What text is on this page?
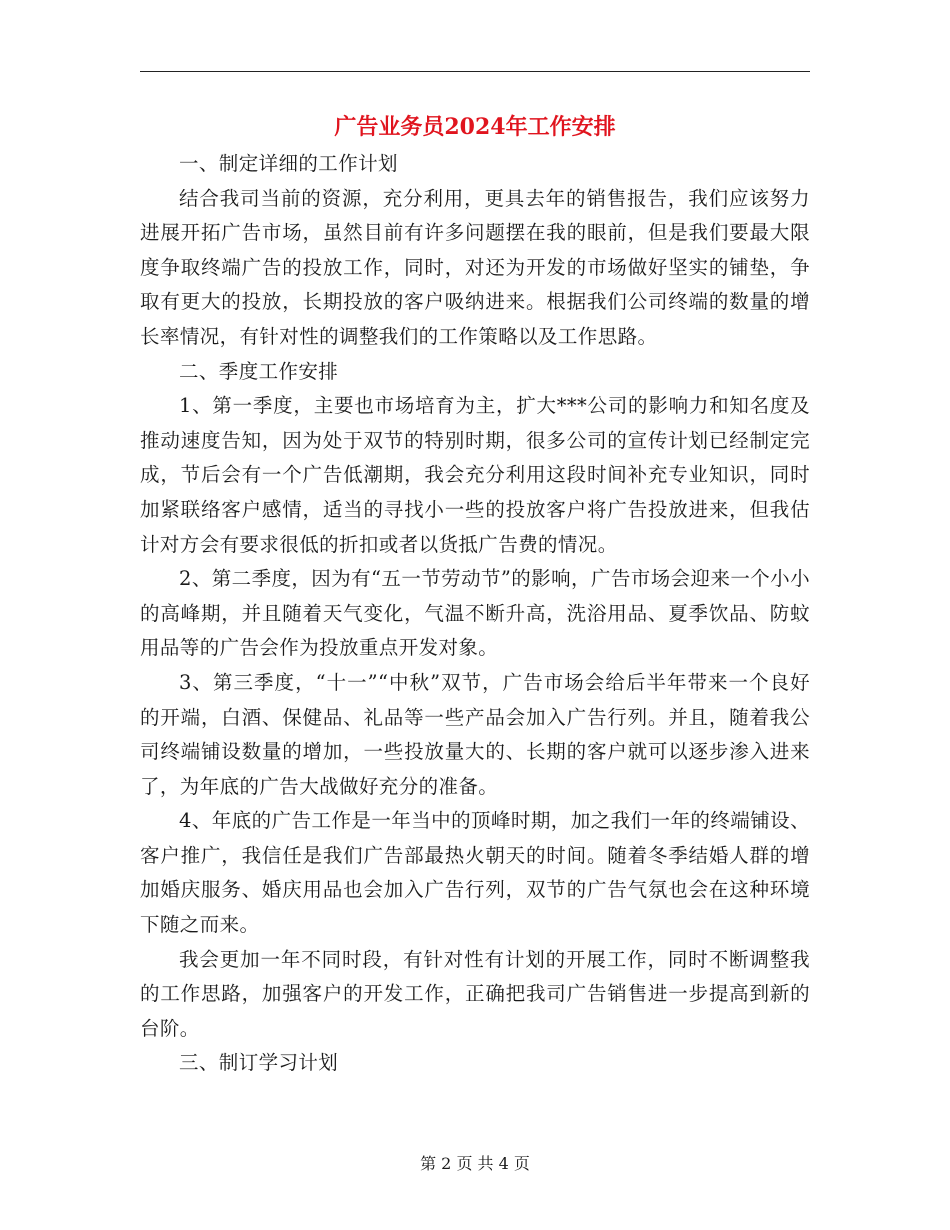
广告业务员2024年工作安排

一、制定详细的工作计划

结合我司当前的资源，充分利用，更具去年的销售报告，我们应该努力进展开拓广告市场，虽然目前有许多问题摆在我的眼前，但是我们要最大限度争取终端广告的投放工作，同时，对还为开发的市场做好坚实的铺垫，争取有更大的投放，长期投放的客户吸纳进来。根据我们公司终端的数量的增长率情况，有针对性的调整我们的工作策略以及工作思路。

二、季度工作安排

1、第一季度，主要也市场培育为主，扩大***公司的影响力和知名度及推动速度告知，因为处于双节的特别时期，很多公司的宣传计划已经制定完成，节后会有一个广告低潮期，我会充分利用这段时间补充专业知识，同时加紧联络客户感情，适当的寻找小一些的投放客户将广告投放进来，但我估计对方会有要求很低的折扣或者以货抵广告费的情况。

2、第二季度，因为有“五一节劳动节”的影响，广告市场会迎来一个小小的高峰期，并且随着天气变化，气温不断升高，洗浴用品、夏季饮品、防蚊用品等的广告会作为投放重点开发对象。

3、第三季度，“十一”“中秋”双节，广告市场会给后半年带来一个良好的开端，白酒、保健品、礼品等一些产品会加入广告行列。并且，随着我公司终端铺设数量的增加，一些投放量大的、长期的客户就可以逐步渗入进来了，为年底的广告大战做好充分的准备。

4、年底的广告工作是一年当中的顶峰时期，加之我们一年的终端铺设、客户推广，我信任是我们广告部最热火朝天的时间。随着冬季结婚人群的增加婚庆服务、婚庆用品也会加入广告行列，双节的广告气氛也会在这种环境下随之而来。

我会更加一年不同时段，有针对性有计划的开展工作，同时不断调整我的工作思路，加强客户的开发工作，正确把我司广告销售进一步提高到新的台阶。

三、制订学习计划

第 2 页 共 4 页
